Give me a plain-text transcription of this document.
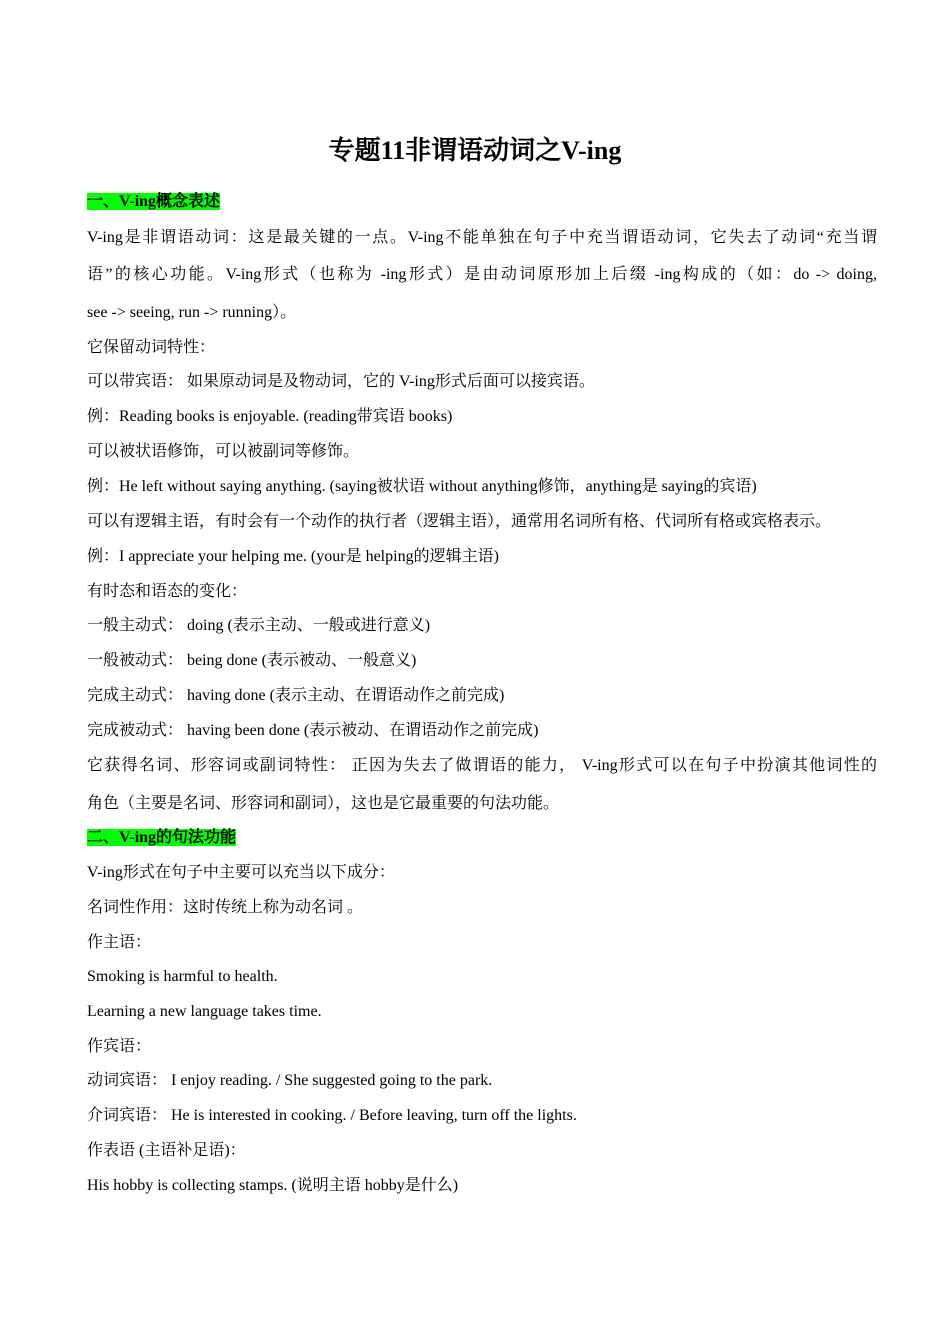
专题11非谓语动词之V-ing
一、V-ing概念表述

V-ing是非谓语动词：这是最关键的一点。V-ing不能单独在句子中充当谓语动词，它失去了动词“充当谓

语”的核心功能。V-ing形式（也称为 -ing形式）是由动词原形加上后缀 -ing构成的（如：do -> doing,

see -> seeing, run -> running）。

它保留动词特性：

可以带宾语： 如果原动词是及物动词，它的 V-ing形式后面可以接宾语。

例：Reading books is enjoyable. (reading带宾语 books)

可以被状语修饰，可以被副词等修饰。

例：He left without saying anything. (saying被状语 without anything修饰，anything是 saying的宾语)

可以有逻辑主语，有时会有一个动作的执行者（逻辑主语），通常用名词所有格、代词所有格或宾格表示。

例：I appreciate your helping me. (your是 helping的逻辑主语)

有时态和语态的变化：

一般主动式： doing (表示主动、一般或进行意义)

一般被动式： being done (表示被动、一般意义)

完成主动式： having done (表示主动、在谓语动作之前完成)

完成被动式： having been done (表示被动、在谓语动作之前完成)

它获得名词、形容词或副词特性： 正因为失去了做谓语的能力， V-ing形式可以在句子中扮演其他词性的

角色（主要是名词、形容词和副词），这也是它最重要的句法功能。

二、V-ing的句法功能

V-ing形式在句子中主要可以充当以下成分：

名词性作用：这时传统上称为动名词 。

作主语：

Smoking is harmful to health.

Learning a new language takes time.

作宾语：

动词宾语： I enjoy reading. / She suggested going to the park.

介词宾语： He is interested in cooking. / Before leaving, turn off the lights.

作表语 (主语补足语)：

His hobby is collecting stamps. (说明主语 hobby是什么)
